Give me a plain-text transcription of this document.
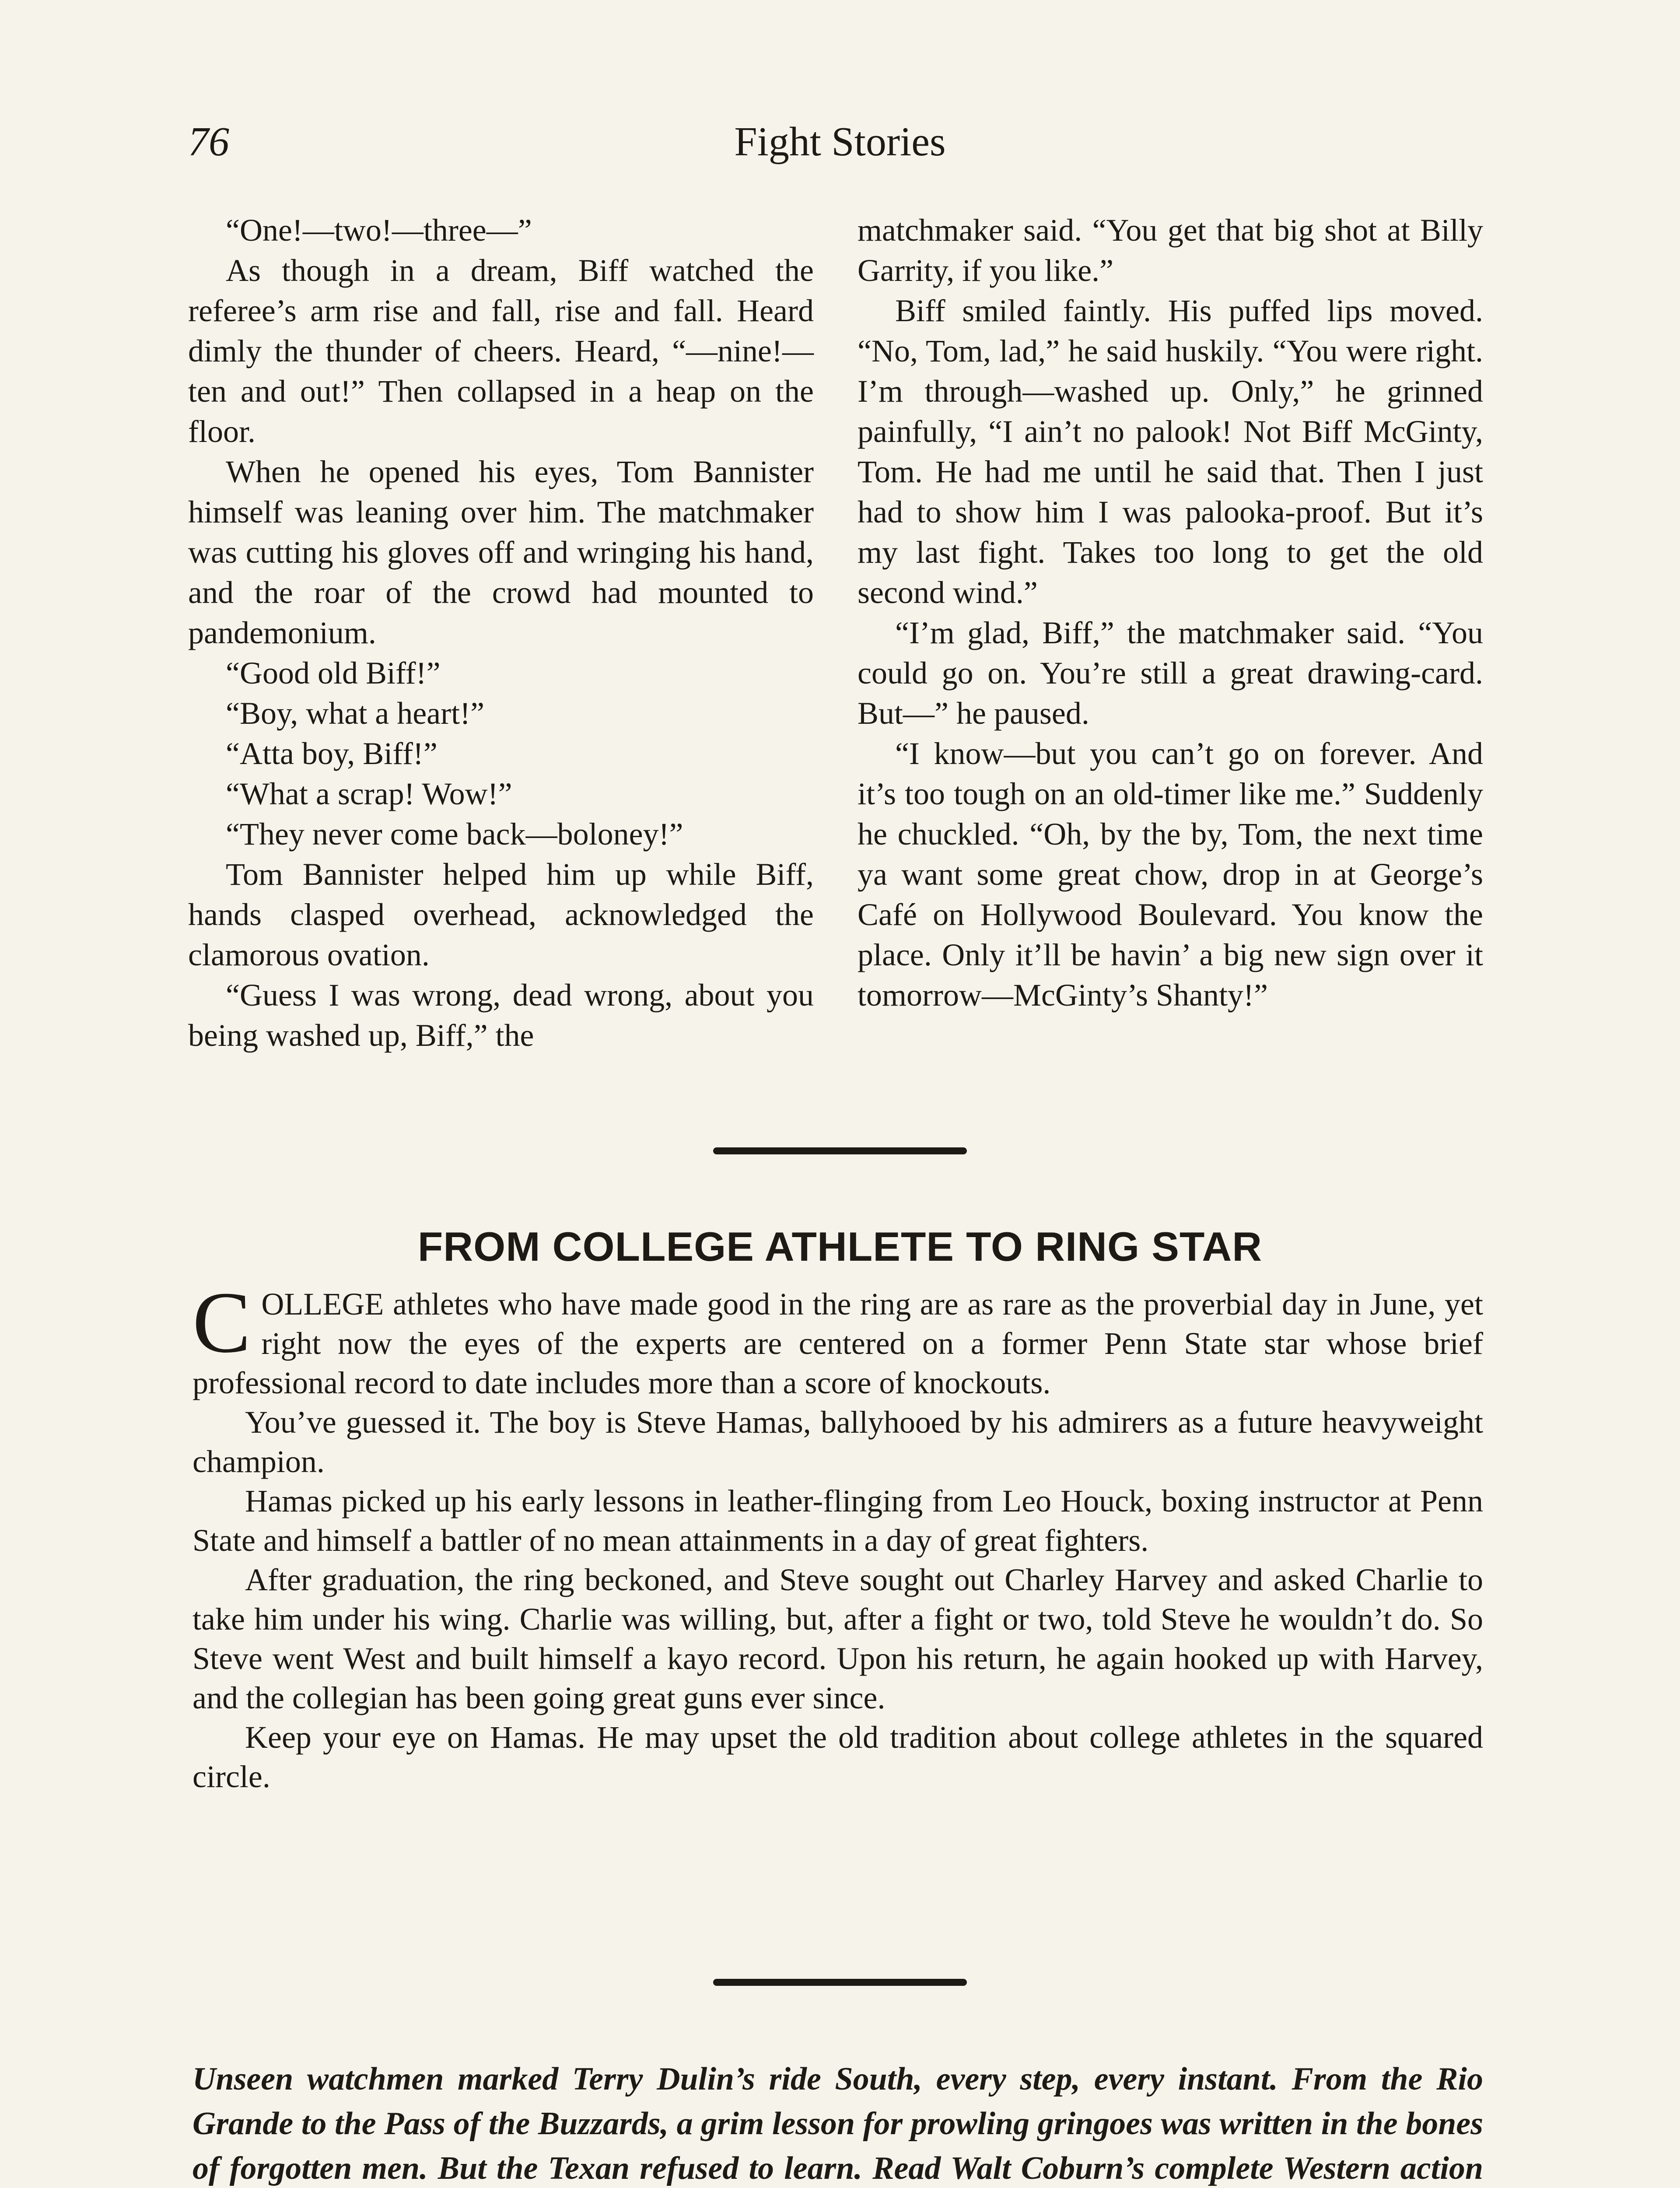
76	Fight Stories

“One!—two!—three—”

As though in a dream, Biff watched the referee’s arm rise and fall, rise and fall. Heard dimly the thunder of cheers. Heard, “—nine!—ten and out!” Then collapsed in a heap on the floor.

When he opened his eyes, Tom Bannister himself was leaning over him. The matchmaker was cutting his gloves off and wringing his hand, and the roar of the crowd had mounted to pandemonium.

“Good old Biff!”

“Boy, what a heart!”

“Atta boy, Biff!”

“What a scrap! Wow!”

“They never come back—boloney!”

Tom Bannister helped him up while Biff, hands clasped overhead, acknowledged the clamorous ovation.

“Guess I was wrong, dead wrong, about you being washed up, Biff,” the

matchmaker said. “You get that big shot at Billy Garrity, if you like.”

Biff smiled faintly. His puffed lips moved. “No, Tom, lad,” he said huskily. “You were right. I’m through—washed up. Only,” he grinned painfully, “I ain’t no palook! Not Biff McGinty, Tom. He had me until he said that. Then I just had to show him I was palooka-proof. But it’s my last fight. Takes too long to get the old second wind.”

“I’m glad, Biff,” the matchmaker said. “You could go on. You’re still a great drawing-card. But—” he paused.

“I know—but you can’t go on forever. And it’s too tough on an old-timer like me.” Suddenly he chuckled. “Oh, by the by, Tom, the next time ya want some great chow, drop in at George’s Café on Hollywood Boulevard. You know the place. Only it’ll be havin’ a big new sign over it tomorrow—McGinty’s Shanty!”

FROM COLLEGE ATHLETE TO RING STAR

COLLEGE athletes who have made good in the ring are as rare as the proverbial day in June, yet right now the eyes of the experts are centered on a former Penn State star whose brief professional record to date includes more than a score of knockouts.

You’ve guessed it. The boy is Steve Hamas, ballyhooed by his admirers as a future heavyweight champion.

Hamas picked up his early lessons in leather-flinging from Leo Houck, boxing instructor at Penn State and himself a battler of no mean attainments in a day of great fighters.

After graduation, the ring beckoned, and Steve sought out Charley Harvey and asked Charlie to take him under his wing. Charlie was willing, but, after a fight or two, told Steve he wouldn’t do. So Steve went West and built himself a kayo record. Upon his return, he again hooked up with Harvey, and the collegian has been going great guns ever since.

Keep your eye on Hamas. He may upset the old tradition about college athletes in the squared circle.

Unseen watchmen marked Terry Dulin’s ride South, every step, every instant. From the Rio Grande to the Pass of the Buzzards, a grim lesson for prowling gringoes was written in the bones of forgotten men. But the Texan refused to learn. Read Walt Coburn’s complete Western action
